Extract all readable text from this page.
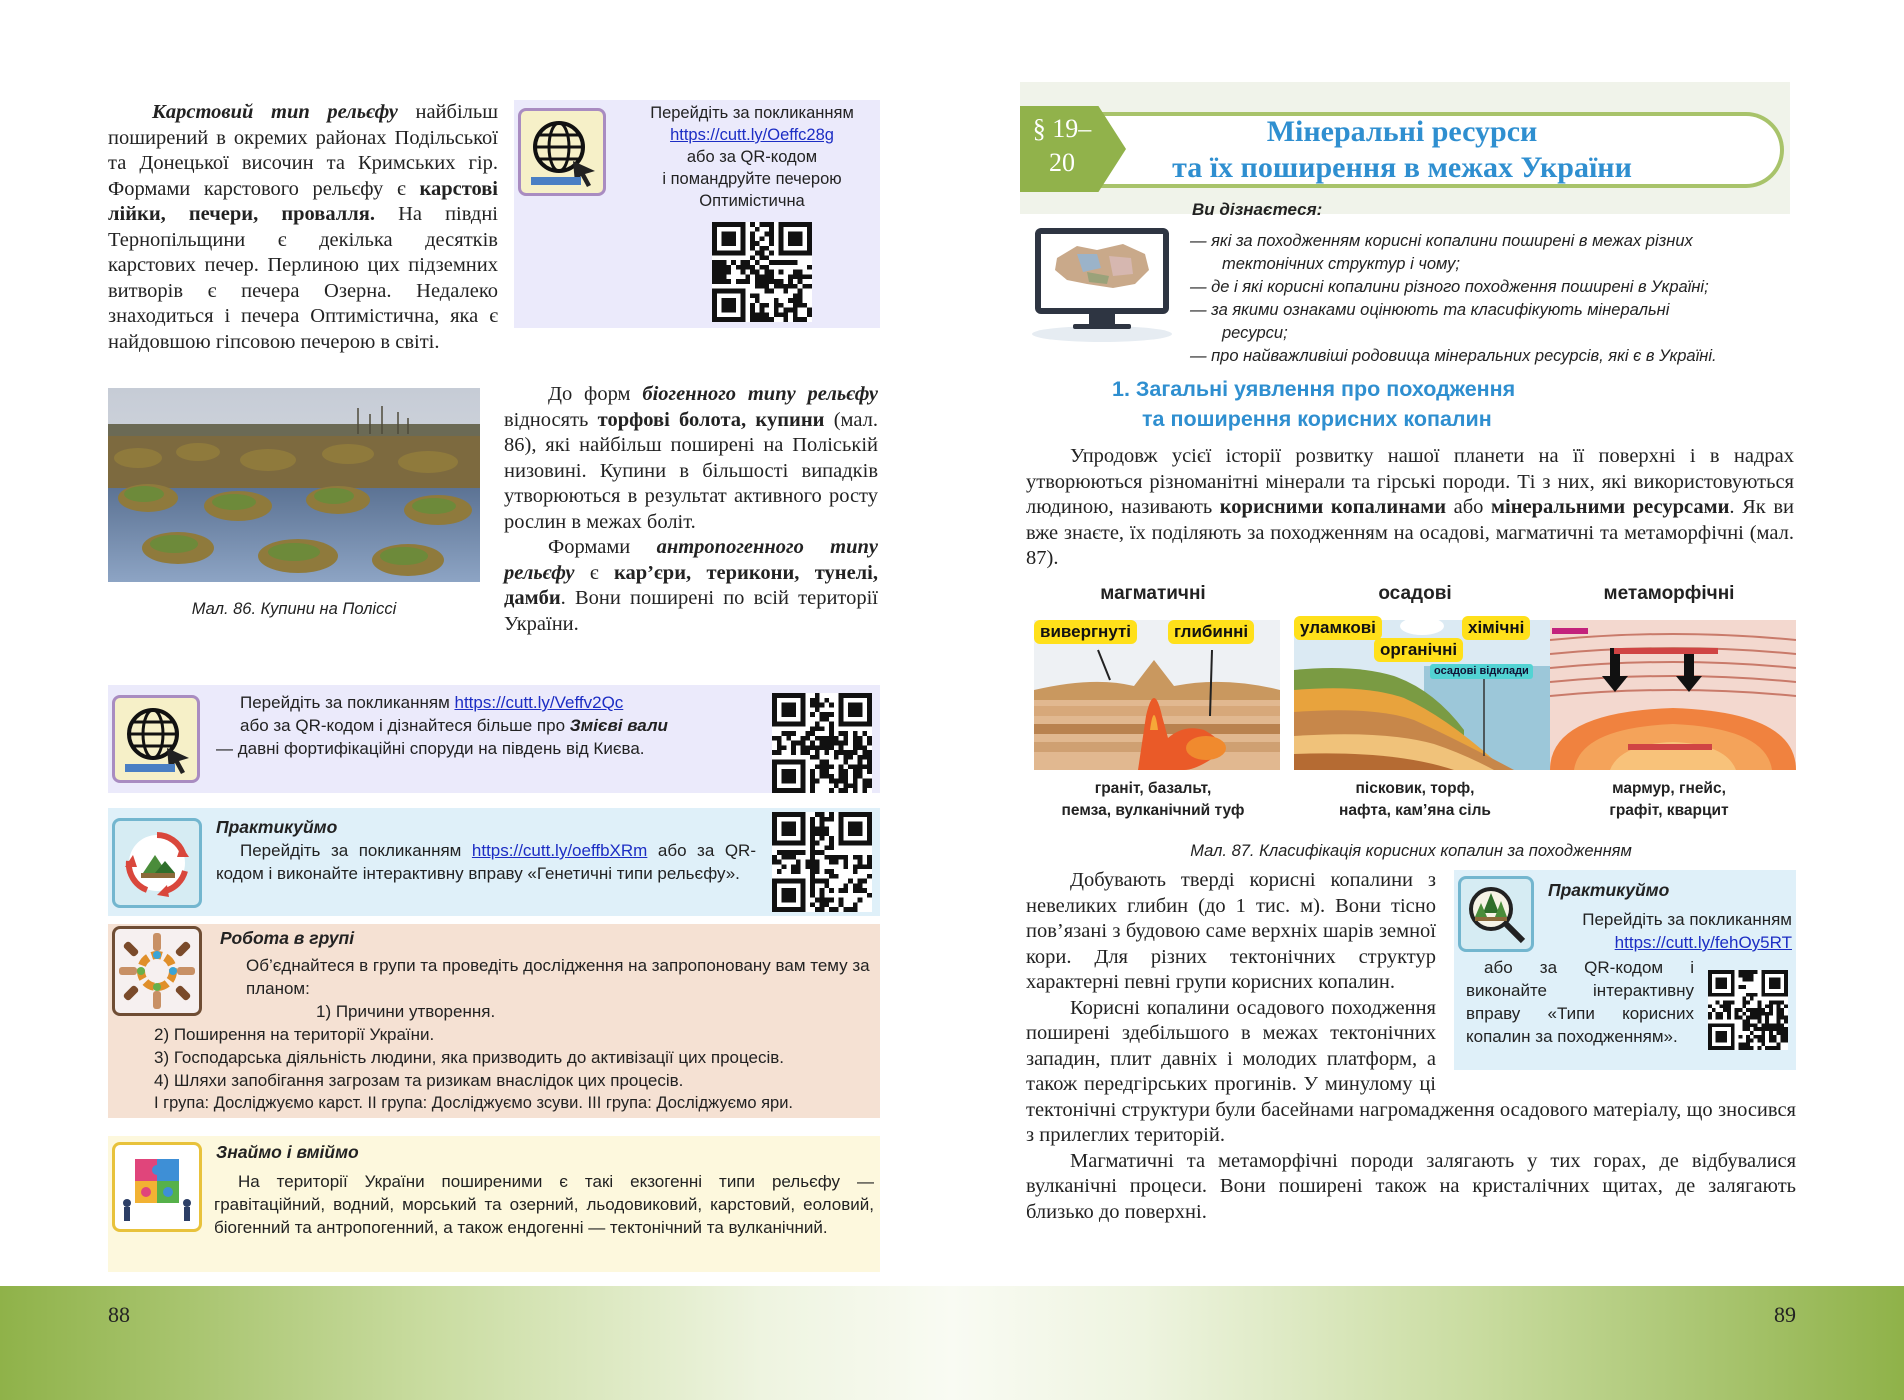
Перейдіть за покликанням
https://cutt.ly/Oeffc28g
або за QR-кодом
і помандруйте печерою
Оптимістична

Карстовий тип рельєфу найбільш поширений в окремих районах Подільської та Донецької височин та Кримських гір. Формами карстового рельєфу є карстові лійки, печери, провалля. На півдні Тернопільщини є декілька десятків карстових печер. Перлиною цих підземних витворів є печера Озерна. Недалеко знаходиться і печера Оптимістична, яка є найдовшою гіпсовою печерою в світі.

Мал. 86. Купини на Поліссі

До форм біогенного типу рельєфу відносять торфові болота, купини (мал. 86), які найбільш поширені на Поліській низовині. Купини в більшості випадків утворюються в результат активного росту рослин в межах боліт.

Формами антропогенного типу рельєфу є кар’єри, терикони, тунелі, дамби. Вони поширені по всій території України.

Перейдіть за покликанням https://cutt.ly/Veffv2Qc
або за QR-кодом і дізнайтеся більше про Змієві вали
— давні фортифікаційні споруди на південь від Києва.
Практикуймо
Перейдіть за покликанням https://cutt.ly/oeffbXRm або за QR-кодом і виконайте інтерактивну вправу «Генетичні типи рельєфу».
Робота в групі
Об’єднайтеся в групи та проведіть дослідження на запропоновану вам тему за планом:
1) Причини утворення.
2) Поширення на території України.
3) Господарська діяльність людини, яка призводить до активізації цих процесів.
4) Шляхи запобігання загрозам та ризикам внаслідок цих процесів.
І група: Досліджуємо карст. ІІ група: Досліджуємо зсуви. ІІІ група: Досліджуємо яри.
Знаймо і вміймо
На території України поширеними є такі екзогенні типи рельєфу — гравітаційний, водний, морський та озерний, льодовиковий, карстовий, еоловий, біогенний та антропогенний, а також ендогенні — тектонічний та вулканічний.
88
§ 19–20
Мінеральні ресурси
та їх поширення в межах України
Ви дізнаєтеся:
— які за походженням корисні копалини поширені в межах різних
тектонічних структур і чому;
— де і які корисні копалини різного походження поширені в Україні;
— за якими ознаками оцінюють та класифікують мінеральні
ресурси;
— про найважливіші родовища мінеральних ресурсів, які є в Україні.
1. Загальні уявлення про походження
та поширення корисних копалин

Упродовж усієї історії розвитку нашої планети на її поверхні і в надрах утворюються різноманітні мінерали та гірські породи. Ті з них, які використовуються людиною, називають корисними копалинами або мінеральними ресурсами. Як ви вже знаєте, їх поділяють за походженням на осадові, магматичні та метаморфічні (мал. 87).

магматичні
вивергнуті	глибинні
граніт, базальт,
пемза, вулканічний туф
осадові
уламкові	хімічні
органічні
осадові відклади
пісковик, торф,
нафта, кам’яна сіль
метаморфічні
мармур, гнейс,
графіт, кварцит
Мал. 87. Класифікація корисних копалин за походженням
Практикуймо
Перейдіть за покликанням
https://cutt.ly/fehOy5RT
або за QR-кодом і виконайте інтерактивну вправу «Типи корисних копалин за походженням».

Добувають тверді корисні копалини з невеликих глибин (до 1 тис. м). Вони тісно пов’язані з будовою саме верхніх шарів земної кори. Для різних тектонічних структур характерні певні групи корисних копалин.

Корисні копалини осадового походження поширені здебільшого в межах тектонічних западин, плит давніх і молодих платформ, а також передгірських прогинів. У минулому ці тектонічні структури були басейнами нагромадження осадового матеріалу, що зносився з прилеглих територій.

Магматичні та метаморфічні породи залягають у тих горах, де відбувалися вулканічні процеси. Вони поширені також на кристалічних щитах, де залягають близько до поверхні.

89
